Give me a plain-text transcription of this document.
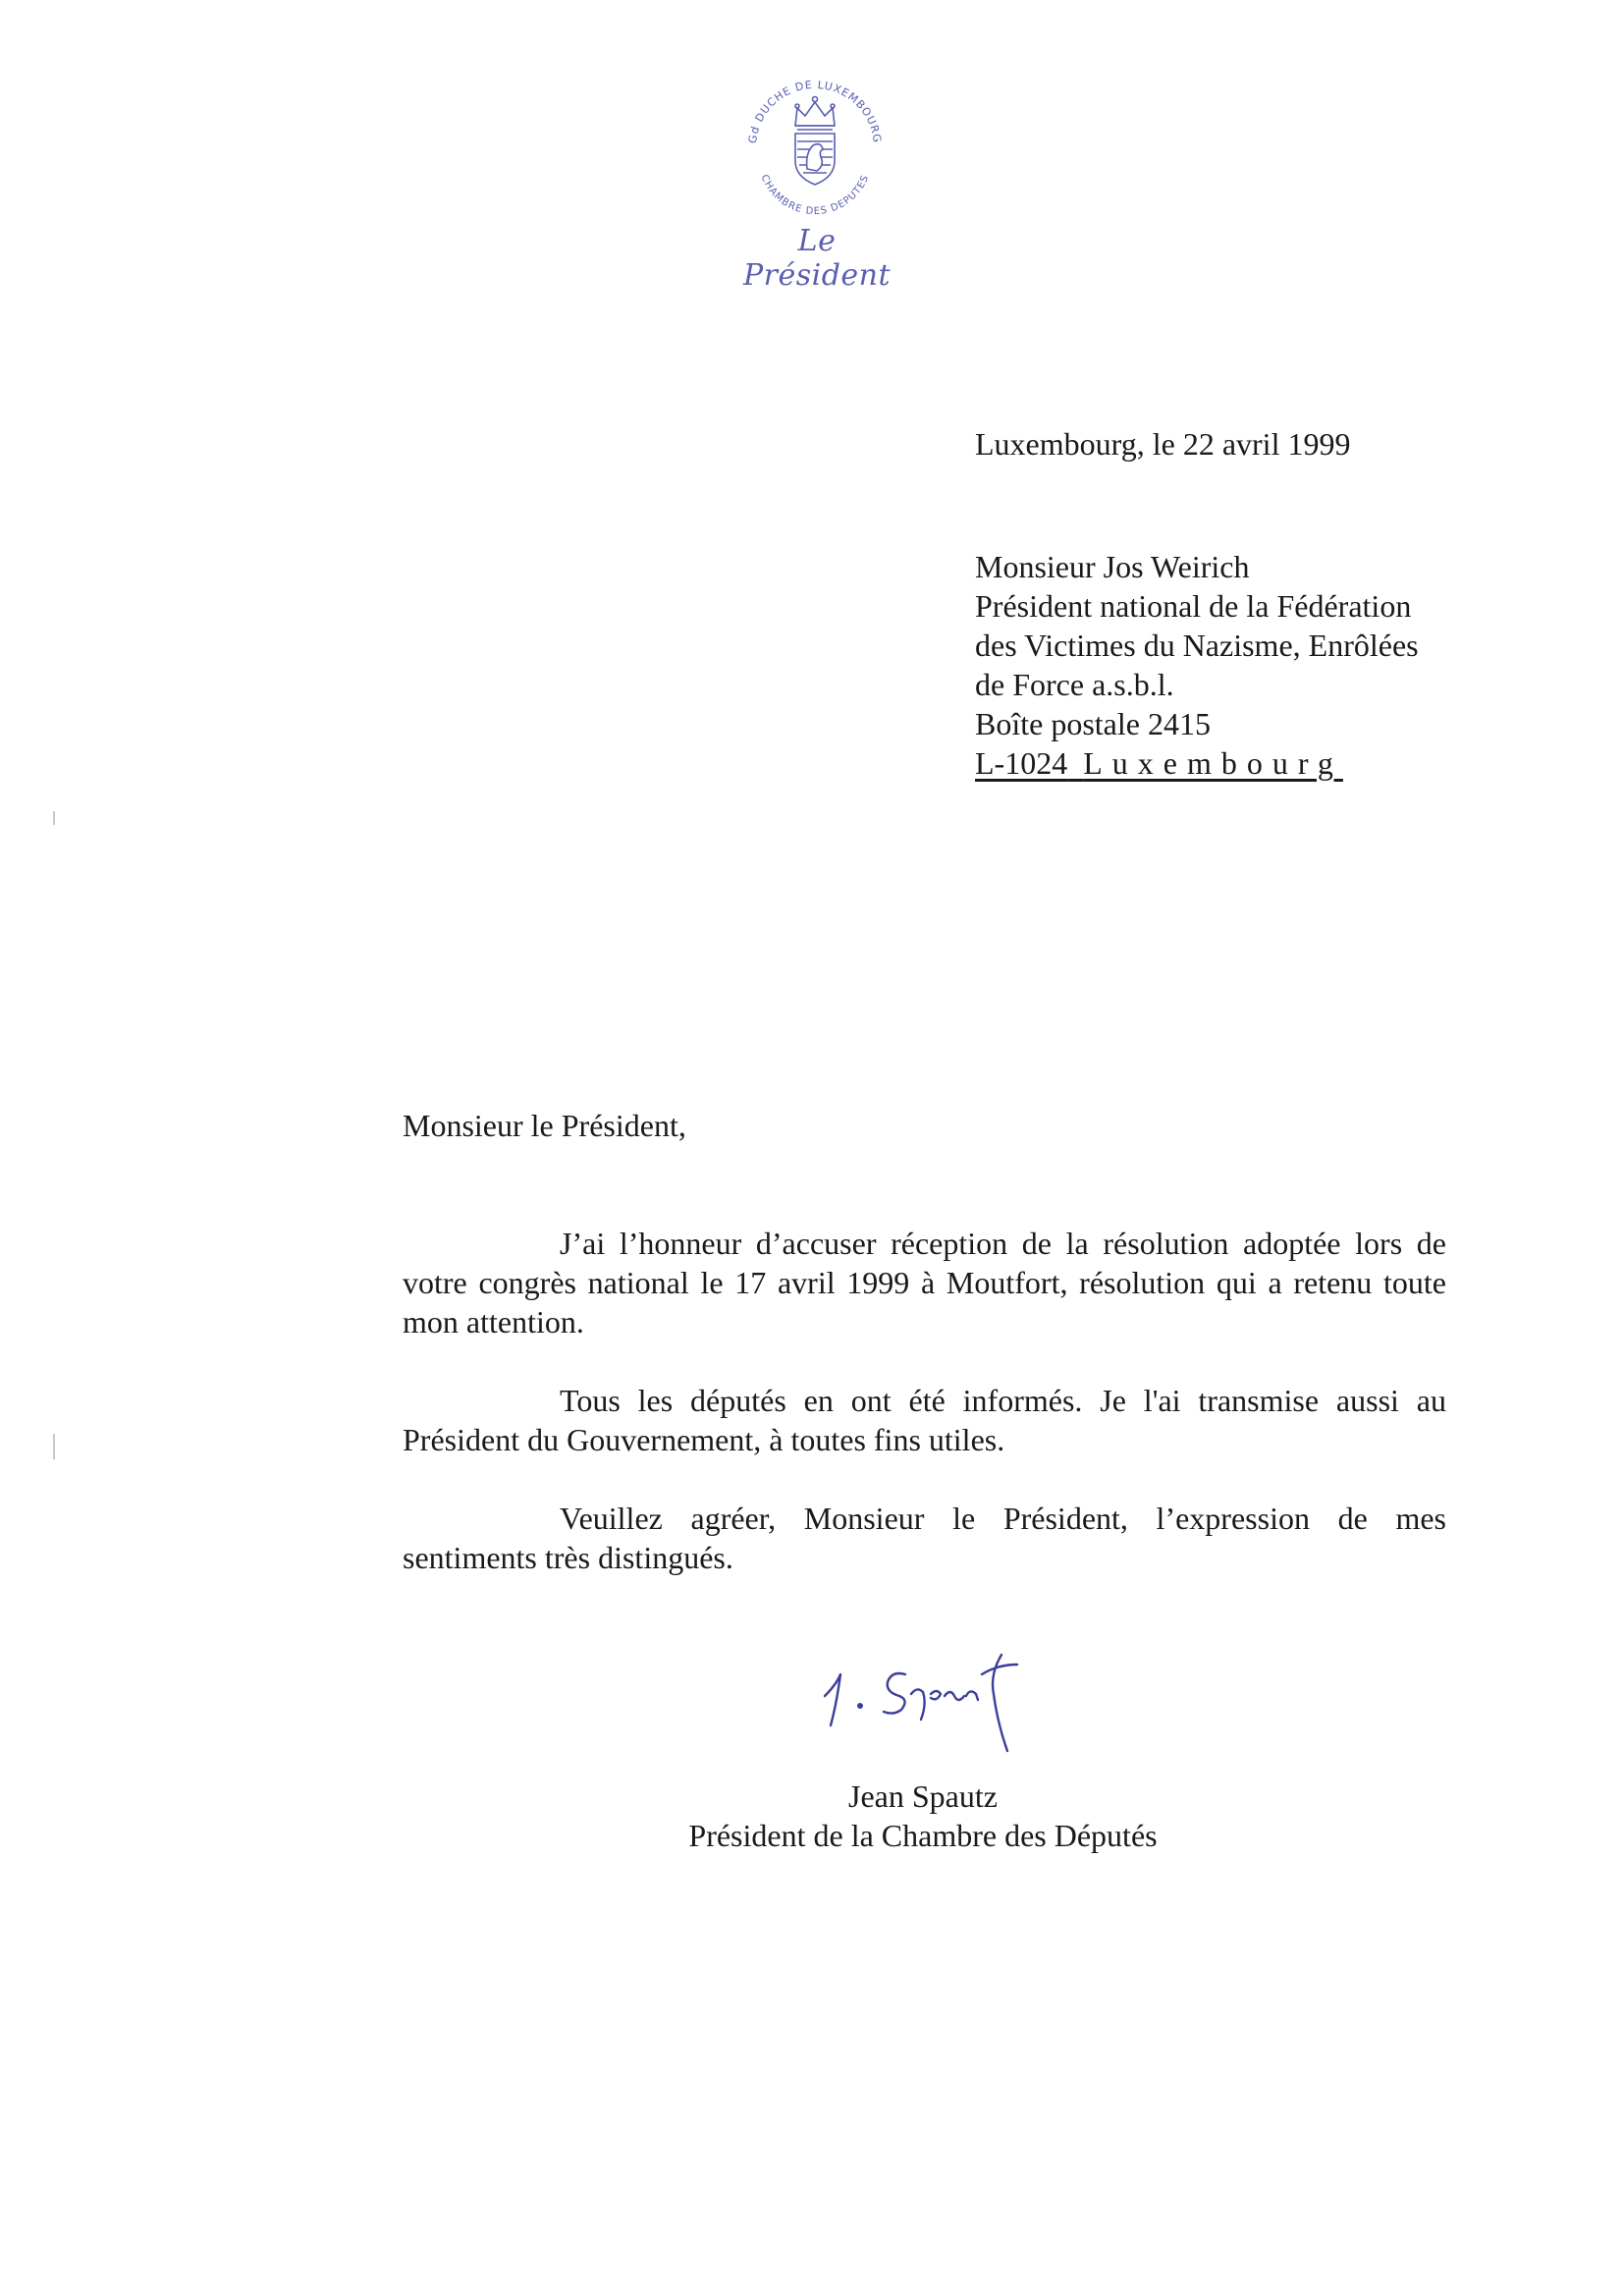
Gd DUCHE DE LUXEMBOURG
CHAMBRE DES DEPUTES
Le Président
Luxembourg, le 22 avril 1999
Monsieur Jos Weirich
Président national de la Fédération
des Victimes du Nazisme, Enrôlées
de Force a.s.b.l.
Boîte postale 2415
L-1024 Luxembourg
Monsieur le Président,

J’ai l’honneur d’accuser réception de la résolution adoptée lors de votre congrès national le 17 avril 1999 à Moutfort, résolution qui a retenu toute mon attention.

Tous les députés en ont été informés. Je l'ai transmise aussi au Président du Gouvernement, à toutes fins utiles.

Veuillez agréer, Monsieur le Président, l’expression de mes sentiments très distingués.

Jean Spautz
Président de la Chambre des Députés
